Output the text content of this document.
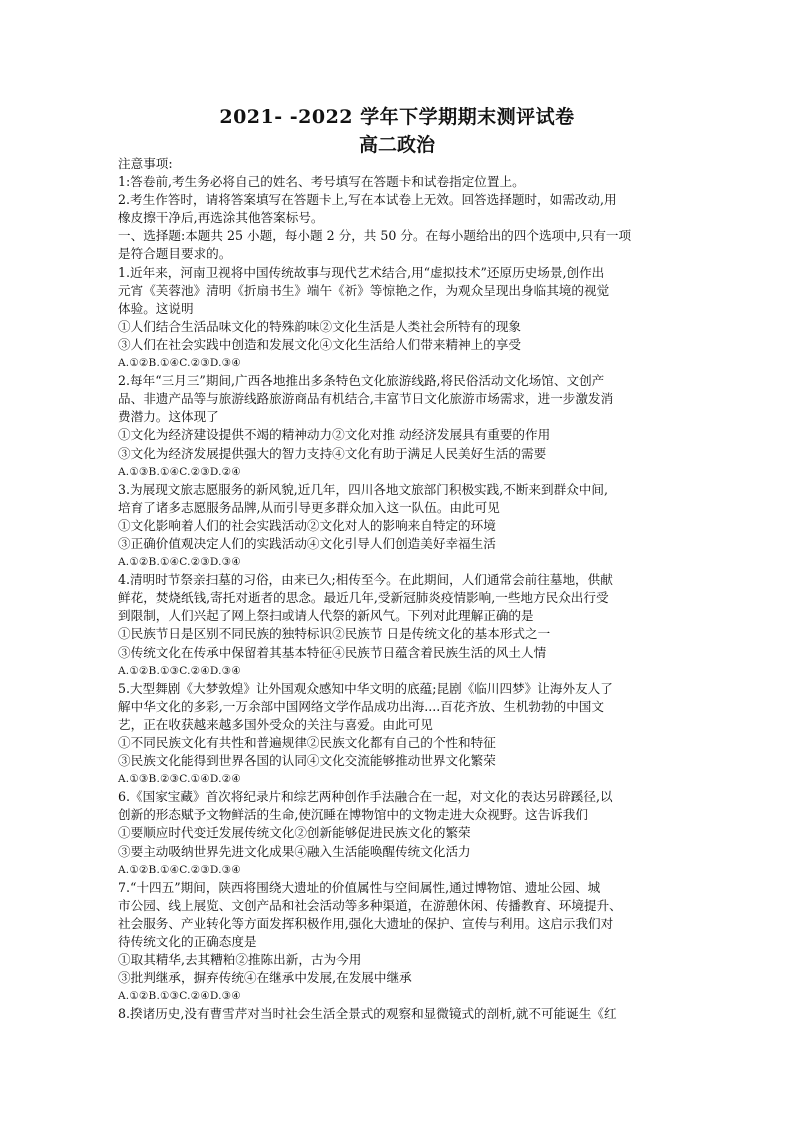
2021- -2022 学年下学期期末测评试卷
高二政治
注意事项:
1:答卷前,考生务必将自己的姓名、考号填写在答题卡和试卷指定位置上。
2.考生作答时，请将答案填写在答题卡上,写在本试卷上无效。回答选择题时，如需改动,用
橡皮擦干净后,再选涂其他答案标号。
一、选择题:本题共 25 小题，每小题 2 分，共 50 分。在每小题给出的四个选项中,只有一项
是符合题目要求的。
1.近年来，河南卫视将中国传统故事与现代艺术结合,用“虚拟技术”还原历史场景,创作出
元宵《芙蓉池》清明《折扇书生》端午《祈》等惊艳之作，为观众呈现出身临其境的视觉
体验。这说明
①人们结合生活品味文化的特殊韵味②文化生活是人类社会所特有的现象
③人们在社会实践中创造和发展文化④文化生活给人们带来精神上的享受
A.①②B.①④C.②③D.③④
2.每年“三月三”期间,广西各地推出多条特色文化旅游线路,将民俗活动文化场馆、文创产
品、非遗产品等与旅游线路旅游商品有机结合,丰富节日文化旅游市场需求，进一步激发消
费潜力。这体现了
①文化为经济建设提供不竭的精神动力②文化对推 动经济发展具有重要的作用
③文化为经济发展提供强大的智力支持④文化有助于满足人民美好生活的需要
A.①③B.①④C.②③D.②④
3.为展现文旅志愿服务的新风貌,近几年，四川各地文旅部门积极实践,不断来到群众中间,
培育了诸多志愿服务品牌,从而引导更多群众加入这一队伍。由此可见
①文化影响着人们的社会实践活动②文化对人的影响来自特定的环境
③正确价值观决定人们的实践活动④文化引导人们创造美好幸福生活
A.①②B.①④C.②③D.③④
4.清明时节祭亲扫墓的习俗，由来已久;相传至今。在此期间，人们通常会前往墓地，供献
鲜花，焚烧纸钱,寄托对逝者的思念。最近几年,受新冠肺炎疫情影响,一些地方民众出行受
到限制，人们兴起了网上祭扫或请人代祭的新风气。下列对此理解正确的是
①民族节日是区别不同民族的独特标识②民族节 日是传统文化的基本形式之一
③传统文化在传承中保留着其基本特征④民族节日蕴含着民族生活的风土人情
A.①②B.①③C.②④D.③④
5.大型舞剧《大梦敦煌》让外国观众感知中华文明的底蕴;昆剧《临川四梦》让海外友人了
解中华文化的多彩,一万余部中国网络文学作品成功出海....百花齐放、生机勃勃的中国文
艺，正在收获越来越多国外受众的关注与喜爱。由此可见
①不同民族文化有共性和普遍规律②民族文化都有自己的个性和特征
③民族文化能得到世界各国的认同④文化交流能够推动世界文化繁荣
A.①③B.②③C.①④D.②④
6.《国家宝藏》首次将纪录片和综艺两种创作手法融合在一起，对文化的表达另辟蹊径,以
创新的形态赋予文物鲜活的生命,使沉睡在博物馆中的文物走进大众视野。这告诉我们
①要顺应时代变迁发展传统文化②创新能够促进民族文化的繁荣
③要主动吸纳世界先进文化成果④融入生活能唤醒传统文化活力
A.①②B.①④C.②③D.③④
7.“十四五”期间，陕西将围绕大遗址的价值属性与空间属性,通过博物馆、遗址公园、城
市公园、线上展览、文创产品和社会活动等多种渠道，在游憩休闲、传播教育、环境提升、
社会服务、产业转化等方面发挥积极作用,强化大遗址的保护、宣传与利用。这启示我们对
待传统文化的正确态度是
①取其精华,去其糟粕②推陈出新，古为今用
③批判继承，摒弃传统④在继承中发展,在发展中继承
A.①②B.①③C.②④D.③④
8.揆诸历史,没有曹雪芹对当时社会生活全景式的观察和显微镜式的剖析,就不可能诞生《红
